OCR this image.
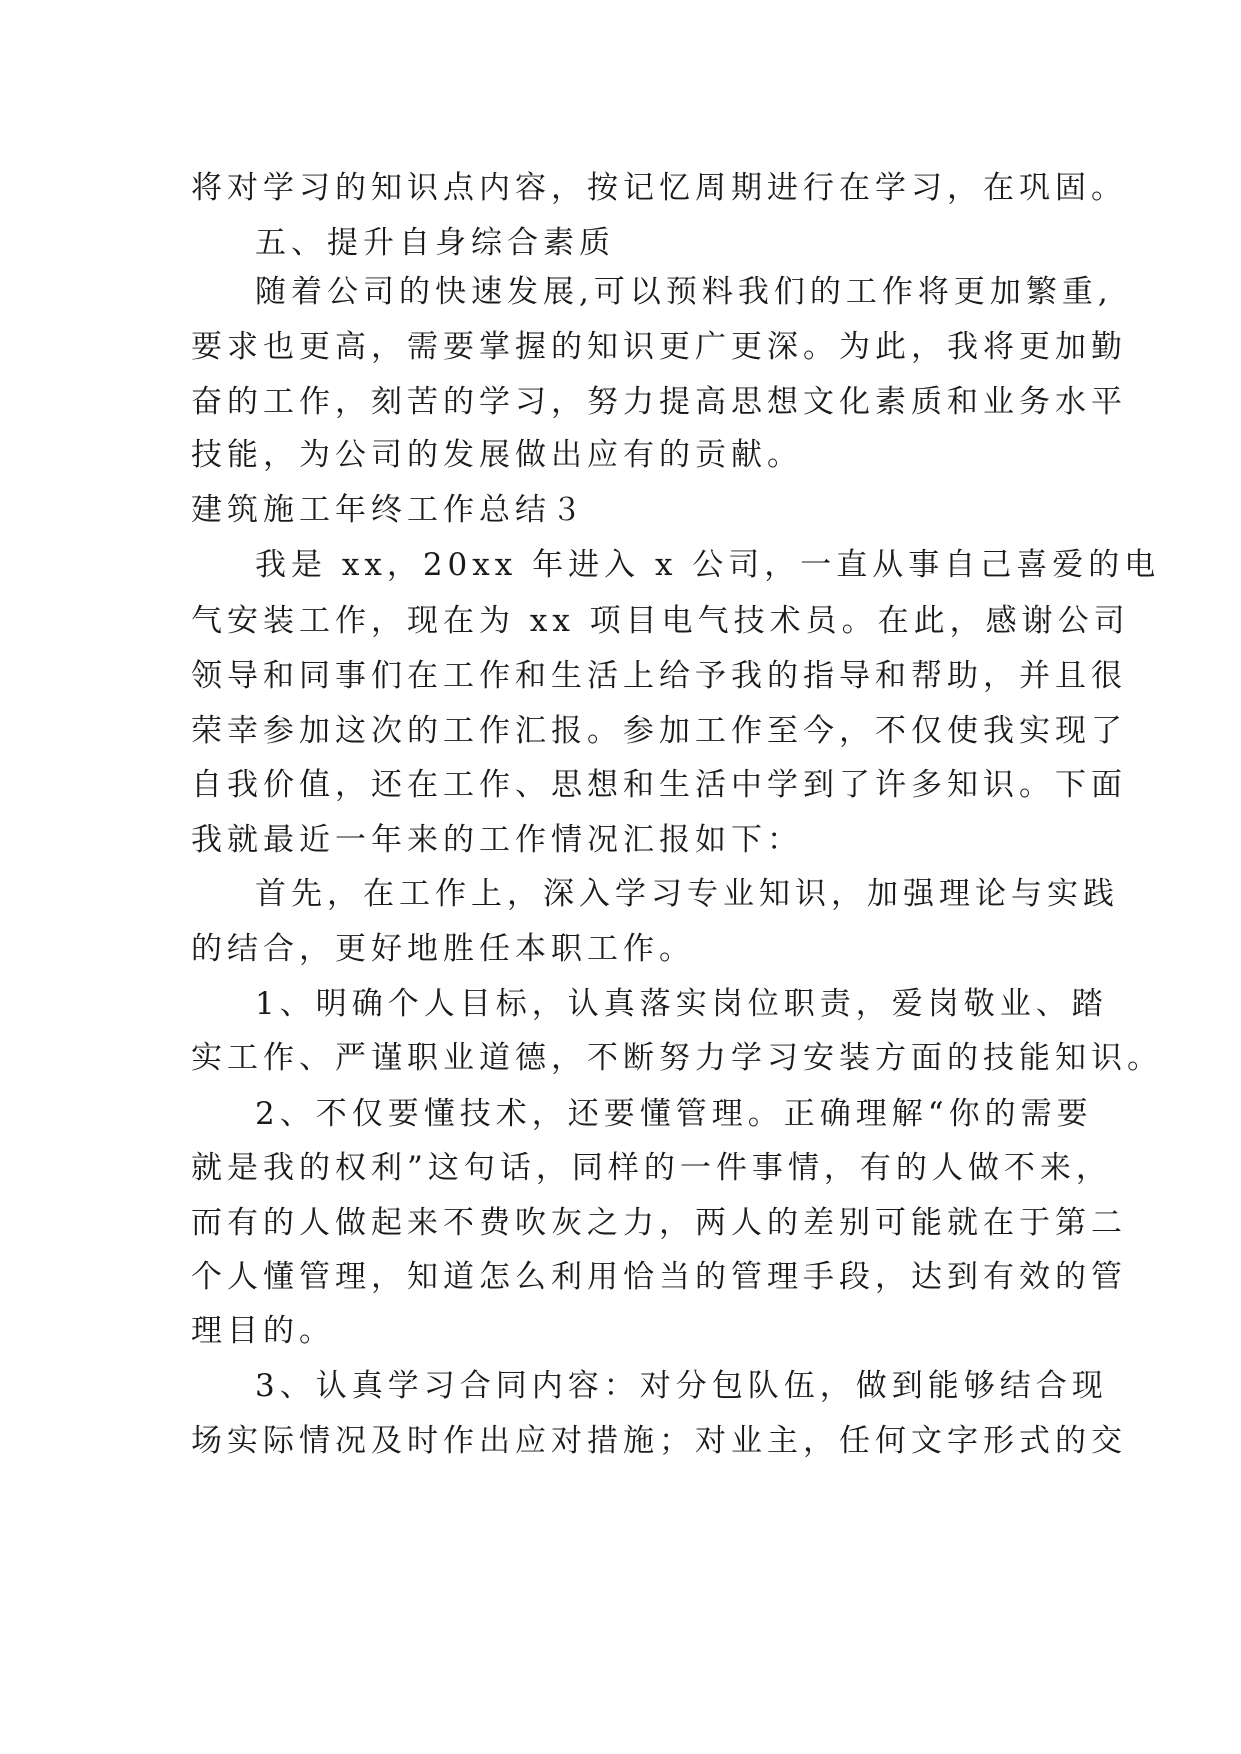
将对学习的知识点内容，按记忆周期进行在学习，在巩固。
五、提升自身综合素质
随着公司的快速发展,可以预料我们的工作将更加繁重,
要求也更高，需要掌握的知识更广更深。为此，我将更加勤
奋的工作，刻苦的学习，努力提高思想文化素质和业务水平
技能，为公司的发展做出应有的贡献。
建筑施工年终工作总结３
我是 xx，20xx 年进入 x 公司，一直从事自己喜爱的电
气安装工作，现在为 xx 项目电气技术员。在此，感谢公司
领导和同事们在工作和生活上给予我的指导和帮助，并且很
荣幸参加这次的工作汇报。参加工作至今，不仅使我实现了
自我价值，还在工作、思想和生活中学到了许多知识。下面
我就最近一年来的工作情况汇报如下：
首先，在工作上，深入学习专业知识，加强理论与实践
的结合，更好地胜任本职工作。
1、明确个人目标，认真落实岗位职责，爱岗敬业、踏
实工作、严谨职业道德，不断努力学习安装方面的技能知识。
2、不仅要懂技术，还要懂管理。正确理解“你的需要
就是我的权利”这句话，同样的一件事情，有的人做不来，
而有的人做起来不费吹灰之力，两人的差别可能就在于第二
个人懂管理，知道怎么利用恰当的管理手段，达到有效的管
理目的。
3、认真学习合同内容：对分包队伍，做到能够结合现
场实际情况及时作出应对措施；对业主，任何文字形式的交
